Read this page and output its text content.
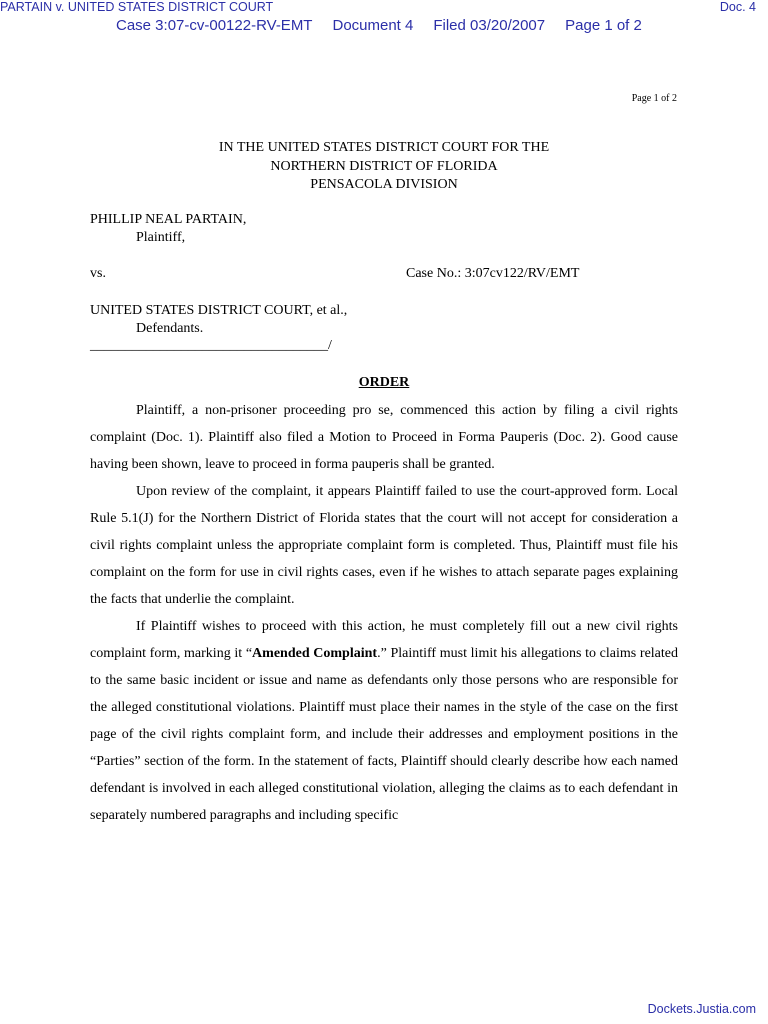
PARTAIN v. UNITED STATES DISTRICT COURT	Doc. 4
Case 3:07-cv-00122-RV-EMT Document 4 Filed 03/20/2007 Page 1 of 2
Page 1 of 2
IN THE UNITED STATES DISTRICT COURT FOR THE
NORTHERN DISTRICT OF FLORIDA
PENSACOLA DIVISION
PHILLIP NEAL PARTAIN,
Plaintiff,
vs.	Case No.: 3:07cv122/RV/EMT
UNITED STATES DISTRICT COURT, et al.,
Defendants.
__________________________________/
ORDER
Plaintiff, a non-prisoner proceeding pro se, commenced this action by filing a civil rights complaint (Doc. 1). Plaintiff also filed a Motion to Proceed in Forma Pauperis (Doc. 2). Good cause having been shown, leave to proceed in forma pauperis shall be granted.
Upon review of the complaint, it appears Plaintiff failed to use the court-approved form. Local Rule 5.1(J) for the Northern District of Florida states that the court will not accept for consideration a civil rights complaint unless the appropriate complaint form is completed. Thus, Plaintiff must file his complaint on the form for use in civil rights cases, even if he wishes to attach separate pages explaining the facts that underlie the complaint.
If Plaintiff wishes to proceed with this action, he must completely fill out a new civil rights complaint form, marking it “Amended Complaint.” Plaintiff must limit his allegations to claims related to the same basic incident or issue and name as defendants only those persons who are responsible for the alleged constitutional violations. Plaintiff must place their names in the style of the case on the first page of the civil rights complaint form, and include their addresses and employment positions in the “Parties” section of the form. In the statement of facts, Plaintiff should clearly describe how each named defendant is involved in each alleged constitutional violation, alleging the claims as to each defendant in separately numbered paragraphs and including specific
Dockets.Justia.com
